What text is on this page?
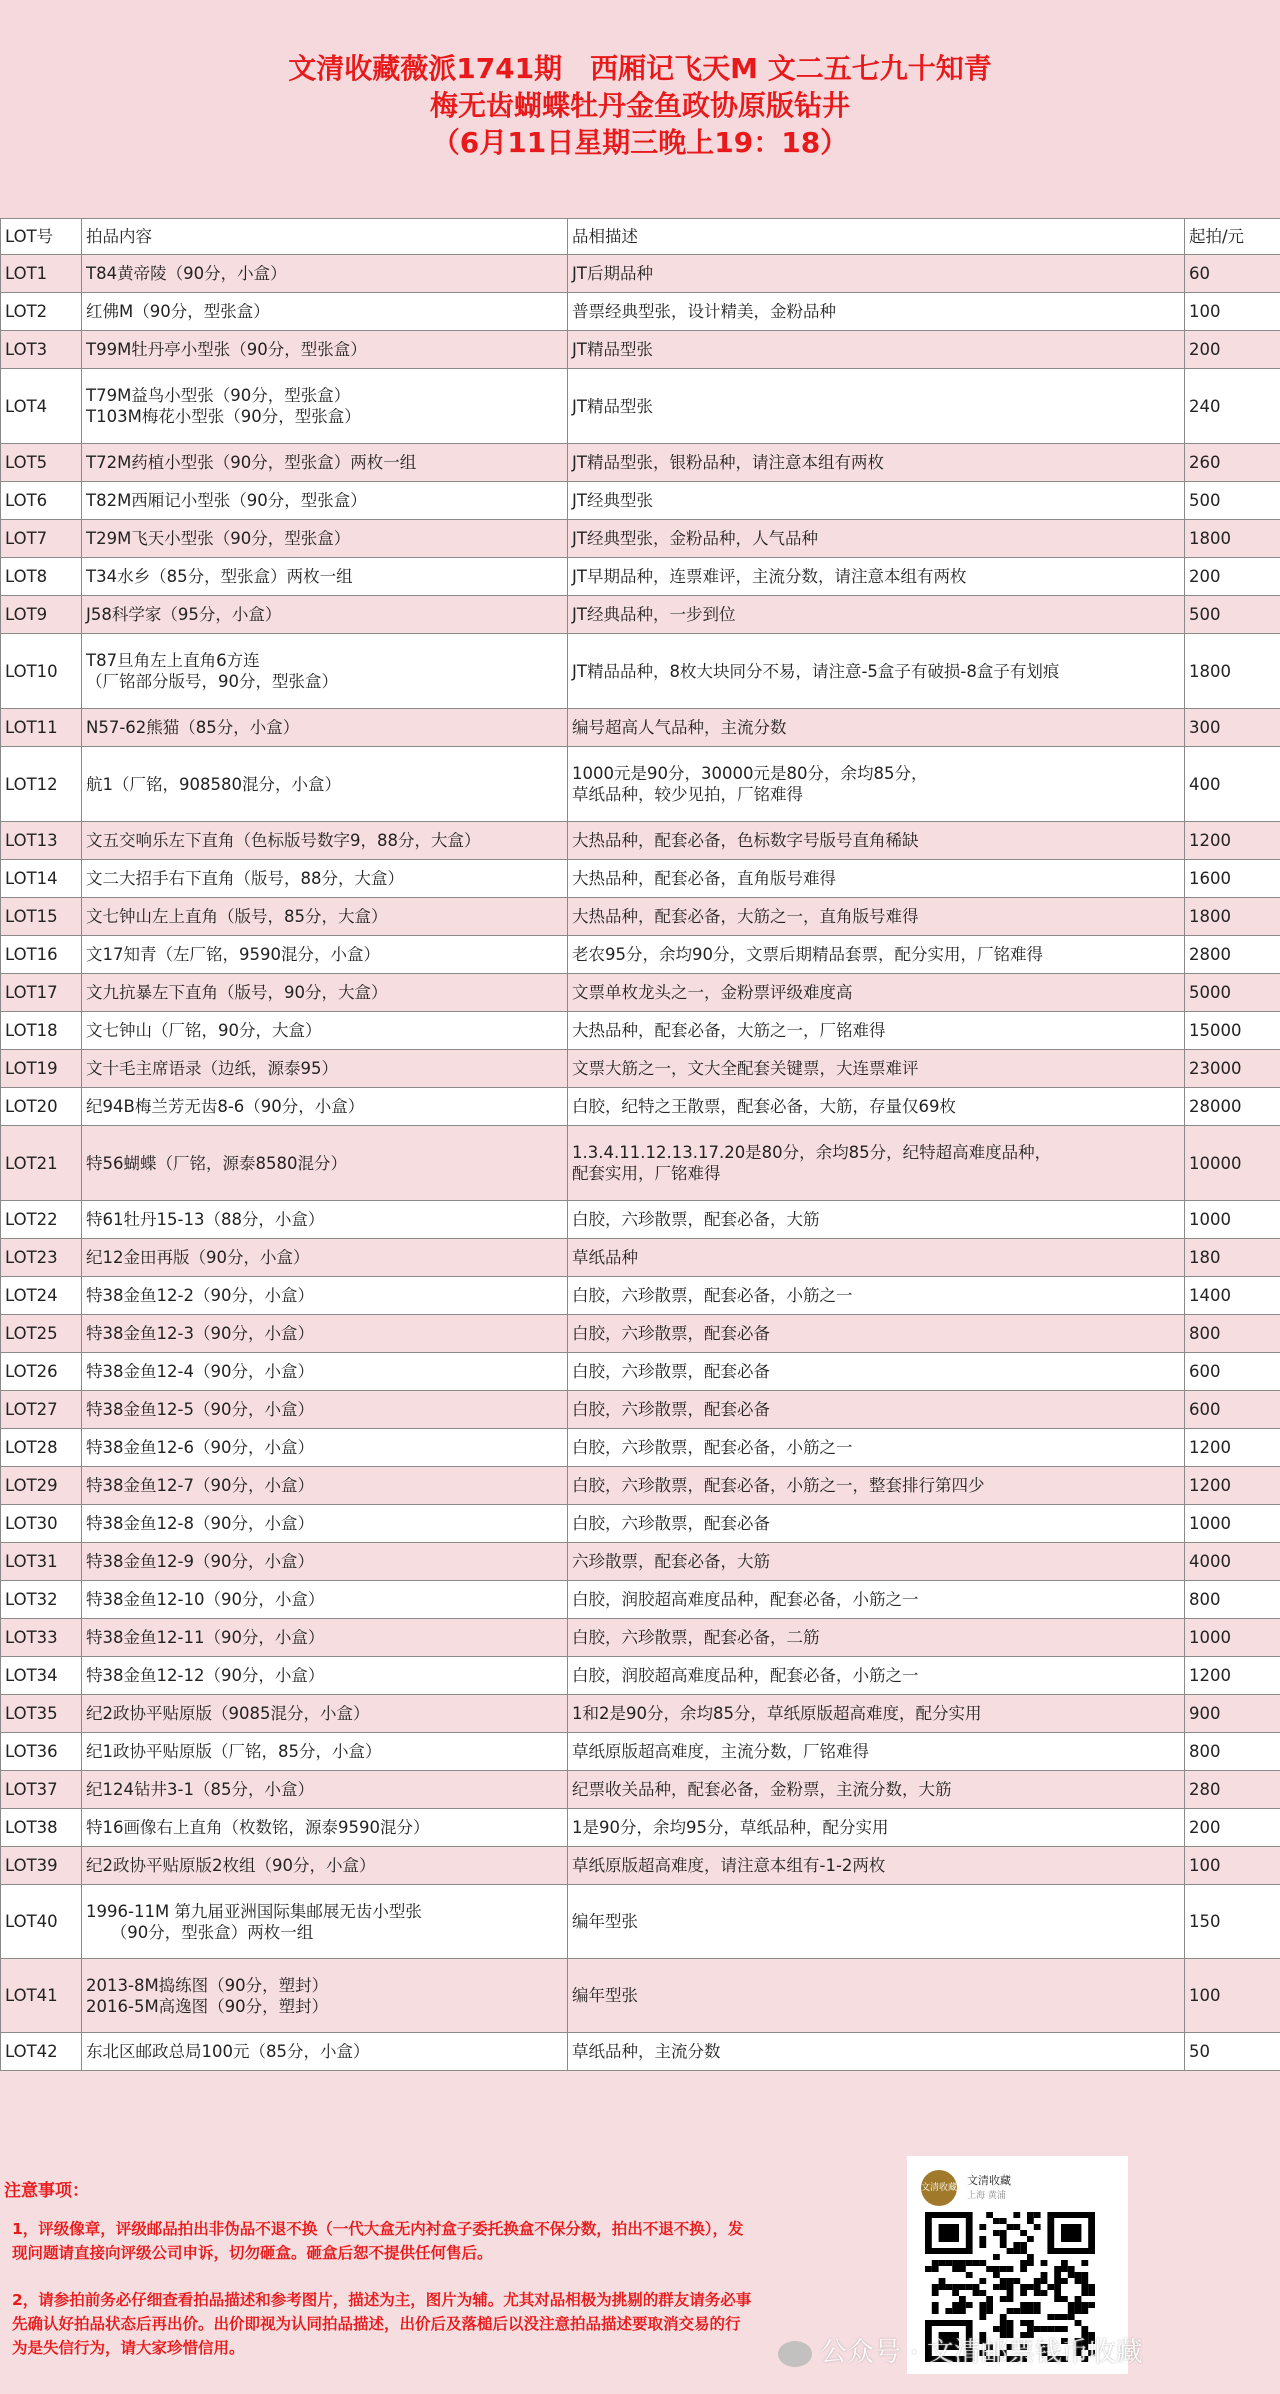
文清收藏薇派1741期　西厢记飞天M 文二五七九十知青
梅无齿蝴蝶牡丹金鱼政协原版钻井
（6月11日星期三晚上19：18）
LOT号	拍品内容	品相描述	起拍/元
LOT1	T84黄帝陵（90分，小盒）	JT后期品种	60
LOT2	红佛M（90分，型张盒）	普票经典型张，设计精美，金粉品种	100
LOT3	T99M牡丹亭小型张（90分，型张盒）	JT精品型张	200
LOT4	T79M益鸟小型张（90分，型张盒）
T103M梅花小型张（90分，型张盒）	JT精品型张	240
LOT5	T72M药植小型张（90分，型张盒）两枚一组	JT精品型张，银粉品种，请注意本组有两枚	260
LOT6	T82M西厢记小型张（90分，型张盒）	JT经典型张	500
LOT7	T29M飞天小型张（90分，型张盒）	JT经典型张，金粉品种，人气品种	1800
LOT8	T34水乡（85分，型张盒）两枚一组	JT早期品种，连票难评，主流分数，请注意本组有两枚	200
LOT9	J58科学家（95分，小盒）	JT经典品种，一步到位	500
LOT10	T87旦角左上直角6方连
（厂铭部分版号，90分，型张盒）	JT精品品种，8枚大块同分不易，请注意-5盒子有破损-8盒子有划痕	1800
LOT11	N57-62熊猫（85分，小盒）	编号超高人气品种，主流分数	300
LOT12	航1（厂铭，908580混分，小盒）	1000元是90分，30000元是80分，余均85分，
草纸品种，较少见拍，厂铭难得	400
LOT13	文五交响乐左下直角（色标版号数字9，88分，大盒）	大热品种，配套必备，色标数字号版号直角稀缺	1200
LOT14	文二大招手右下直角（版号，88分，大盒）	大热品种，配套必备，直角版号难得	1600
LOT15	文七钟山左上直角（版号，85分，大盒）	大热品种，配套必备，大筋之一，直角版号难得	1800
LOT16	文17知青（左厂铭，9590混分，小盒）	老农95分，余均90分，文票后期精品套票，配分实用，厂铭难得	2800
LOT17	文九抗暴左下直角（版号，90分，大盒）	文票单枚龙头之一，金粉票评级难度高	5000
LOT18	文七钟山（厂铭，90分，大盒）	大热品种，配套必备，大筋之一，厂铭难得	15000
LOT19	文十毛主席语录（边纸，源泰95）	文票大筋之一，文大全配套关键票，大连票难评	23000
LOT20	纪94B梅兰芳无齿8-6（90分，小盒）	白胶，纪特之王散票，配套必备，大筋，存量仅69枚	28000
LOT21	特56蝴蝶（厂铭，源泰8580混分）	1.3.4.11.12.13.17.20是80分，余均85分，纪特超高难度品种，
配套实用，厂铭难得	10000
LOT22	特61牡丹15-13（88分，小盒）	白胶，六珍散票，配套必备，大筋	1000
LOT23	纪12金田再版（90分，小盒）	草纸品种	180
LOT24	特38金鱼12-2（90分，小盒）	白胶，六珍散票，配套必备，小筋之一	1400
LOT25	特38金鱼12-3（90分，小盒）	白胶，六珍散票，配套必备	800
LOT26	特38金鱼12-4（90分，小盒）	白胶，六珍散票，配套必备	600
LOT27	特38金鱼12-5（90分，小盒）	白胶，六珍散票，配套必备	600
LOT28	特38金鱼12-6（90分，小盒）	白胶，六珍散票，配套必备，小筋之一	1200
LOT29	特38金鱼12-7（90分，小盒）	白胶，六珍散票，配套必备，小筋之一，整套排行第四少	1200
LOT30	特38金鱼12-8（90分，小盒）	白胶，六珍散票，配套必备	1000
LOT31	特38金鱼12-9（90分，小盒）	六珍散票，配套必备，大筋	4000
LOT32	特38金鱼12-10（90分，小盒）	白胶，润胶超高难度品种，配套必备，小筋之一	800
LOT33	特38金鱼12-11（90分，小盒）	白胶，六珍散票，配套必备，二筋	1000
LOT34	特38金鱼12-12（90分，小盒）	白胶，润胶超高难度品种，配套必备，小筋之一	1200
LOT35	纪2政协平贴原版（9085混分，小盒）	1和2是90分，余均85分，草纸原版超高难度，配分实用	900
LOT36	纪1政协平贴原版（厂铭，85分，小盒）	草纸原版超高难度，主流分数，厂铭难得	800
LOT37	纪124钻井3-1（85分，小盒）	纪票收关品种，配套必备，金粉票，主流分数，大筋	280
LOT38	特16画像右上直角（枚数铭，源泰9590混分）	1是90分，余均95分，草纸品种，配分实用	200
LOT39	纪2政协平贴原版2枚组（90分，小盒）	草纸原版超高难度，请注意本组有-1-2两枚	100
LOT40	1996-11M 第九届亚洲国际集邮展无齿小型张
　　（90分，型张盒）两枚一组	编年型张	150
LOT41	2013-8M捣练图（90分，塑封）
2016-5M高逸图（90分，塑封）	编年型张	100
LOT42	东北区邮政总局100元（85分，小盒）	草纸品种，主流分数	50
注意事项：
1，评级像章，评级邮品拍出非伪品不退不换（一代大盒无内衬盒子委托换盒不保分数，拍出不退不换），发现问题请直接向评级公司申诉，切勿砸盒。砸盒后恕不提供任何售后。
2，请参拍前务必仔细查看拍品描述和参考图片，描述为主，图片为辅。尤其对品相极为挑剔的群友请务必事先确认好拍品状态后再出价。出价即视为认同拍品描述，出价后及落槌后以没注意拍品描述要取消交易的行为是失信行为，请大家珍惜信用。
文清收藏
文清收藏
上海 黄浦
公众号 · 文清邮票钱币收藏
